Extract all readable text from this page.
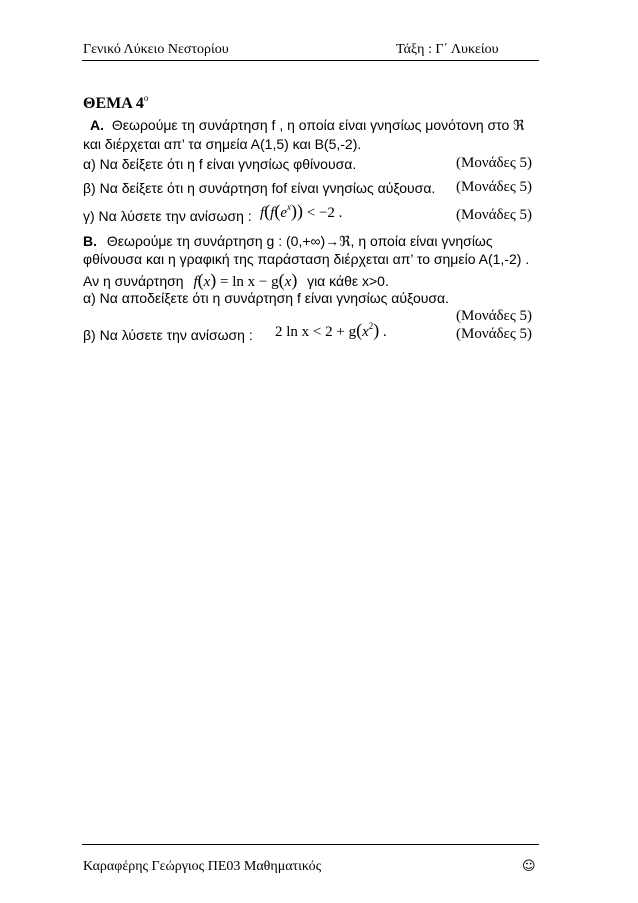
Γενικό Λύκειο Νεστορίου	Τάξη : Γ΄ Λυκείου
ΘΕΜΑ $4^o$
Α. Θεωρούμε τη συνάρτηση f , η οποία είναι γνησίως μονότονη στο ℜ
και διέρχεται απ’ τα σημεία Α(1,5) και Β(5,-2).
α) Να δείξετε ότι η f είναι γνησίως φθίνουσα.	(Μονάδες 5)
β) Να δείξετε ότι η συνάρτηση fof είναι γνησίως αύξουσα. (Μονάδες 5)
γ) Να λύσετε την ανίσωση : $f(f(e^x)) < -2$ .	(Μονάδες 5)
Β. Θεωρούμε τη συνάρτηση g : (0,+∞)→ℜ, η οποία είναι γνησίως
φθίνουσα και η γραφική της παράσταση διέρχεται απ’ το σημείο Α(1,-2) .
Αν η συνάρτηση f(x) = ln x − g(x) για κάθε x>0.
α) Να αποδείξετε ότι η συνάρτηση f είναι γνησίως αύξουσα.
(Μονάδες 5)
β) Να λύσετε την ανίσωση : 2 $\ln x < 2 + g(x^2)$ .	(Μονάδες 5)
Καραφέρης Γεώργιος ΠΕ03 Μαθηματικός	☺
